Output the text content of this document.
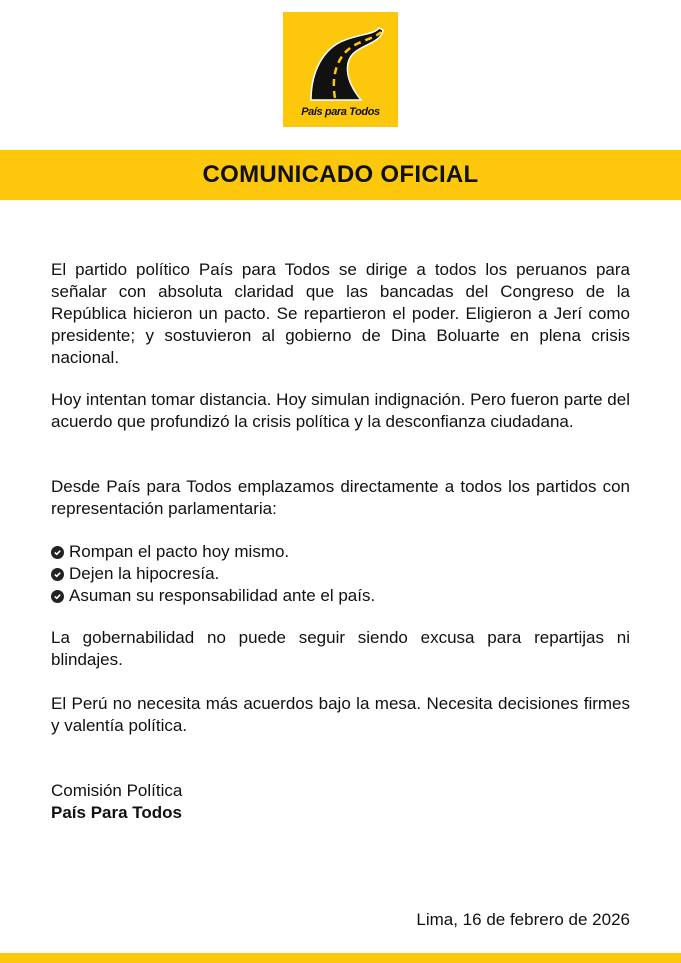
País para Todos
COMUNICADO OFICIAL

El partido político País para Todos se dirige a todos los peruanos para señalar con absoluta claridad que las bancadas del Congreso de la República hicieron un pacto. Se repartieron el poder. Eligieron a Jerí como presidente; y sostuvieron al gobierno de Dina Boluarte en plena crisis nacional.

Hoy intentan tomar distancia. Hoy simulan indignación. Pero fueron parte del acuerdo que profundizó la crisis política y la desconfianza ciudadana.

Desde País para Todos emplazamos directamente a todos los partidos con representación parlamentaria:

Rompan el pacto hoy mismo.
Dejen la hipocresía.
Asuman su responsabilidad ante el país.

La gobernabilidad no puede seguir siendo excusa para repartijas ni blindajes.

El Perú no necesita más acuerdos bajo la mesa. Necesita decisiones firmes y valentía política.

Comisión Política
País Para Todos
Lima, 16 de febrero de 2026
